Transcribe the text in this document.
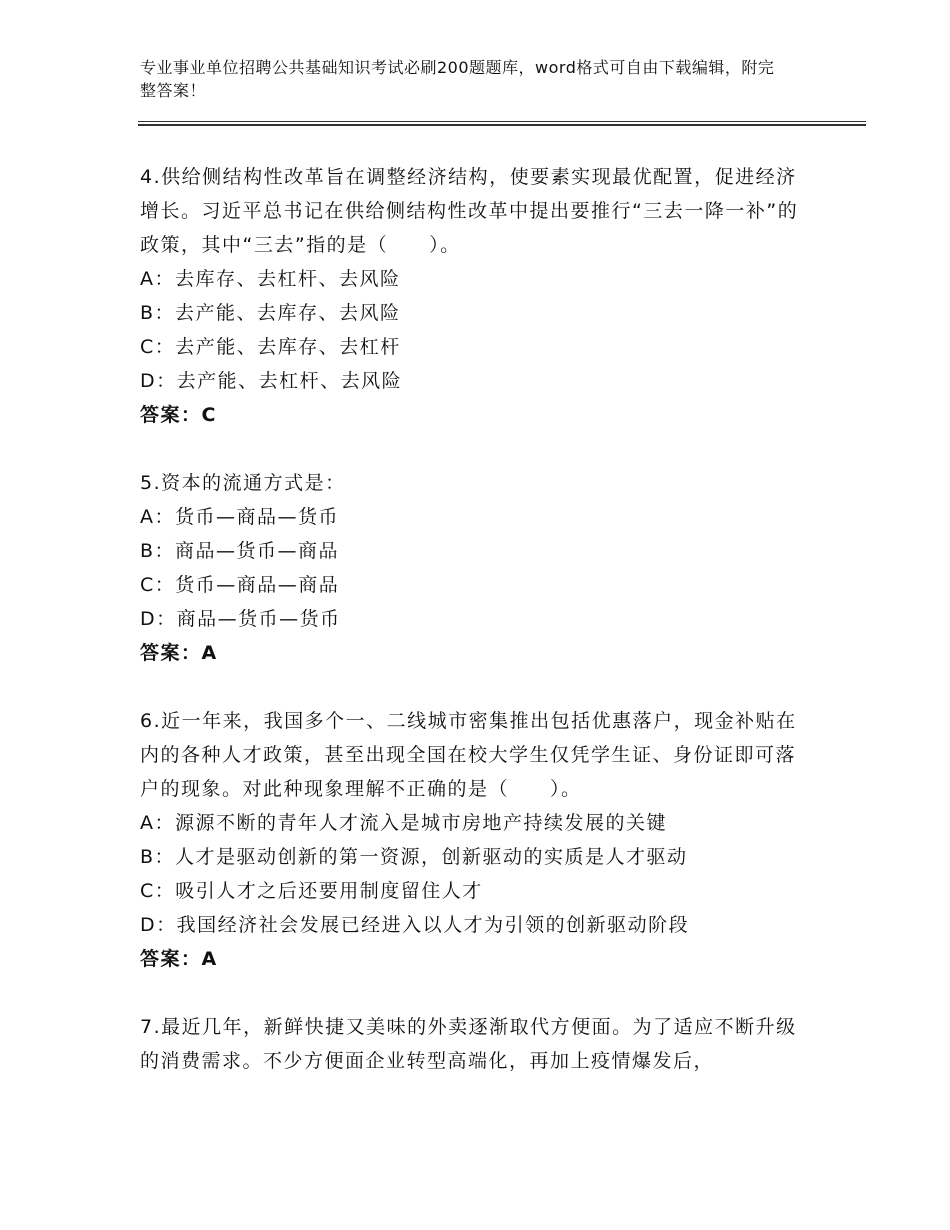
专业事业单位招聘公共基础知识考试必刷200题题库，word格式可自由下载编辑，附完整答案！

4.供给侧结构性改革旨在调整经济结构，使要素实现最优配置，促进经济增长。习近平总书记在供给侧结构性改革中提出要推行“三去一降一补”的政策，其中“三去”指的是（　　）。

A：去库存、去杠杆、去风险

B：去产能、去库存、去风险

C：去产能、去库存、去杠杆

D：去产能、去杠杆、去风险

答案：C

5.资本的流通方式是：

A：货币—商品—货币

B：商品—货币—商品

C：货币—商品—商品

D：商品—货币—货币

答案：A

6.近一年来，我国多个一、二线城市密集推出包括优惠落户，现金补贴在内的各种人才政策，甚至出现全国在校大学生仅凭学生证、身份证即可落户的现象。对此种现象理解不正确的是（　　）。

A：源源不断的青年人才流入是城市房地产持续发展的关键

B：人才是驱动创新的第一资源，创新驱动的实质是人才驱动

C：吸引人才之后还要用制度留住人才

D：我国经济社会发展已经进入以人才为引领的创新驱动阶段

答案：A

7.最近几年，新鲜快捷又美味的外卖逐渐取代方便面。为了适应不断升级的消费需求。不少方便面企业转型高端化，再加上疫情爆发后，
